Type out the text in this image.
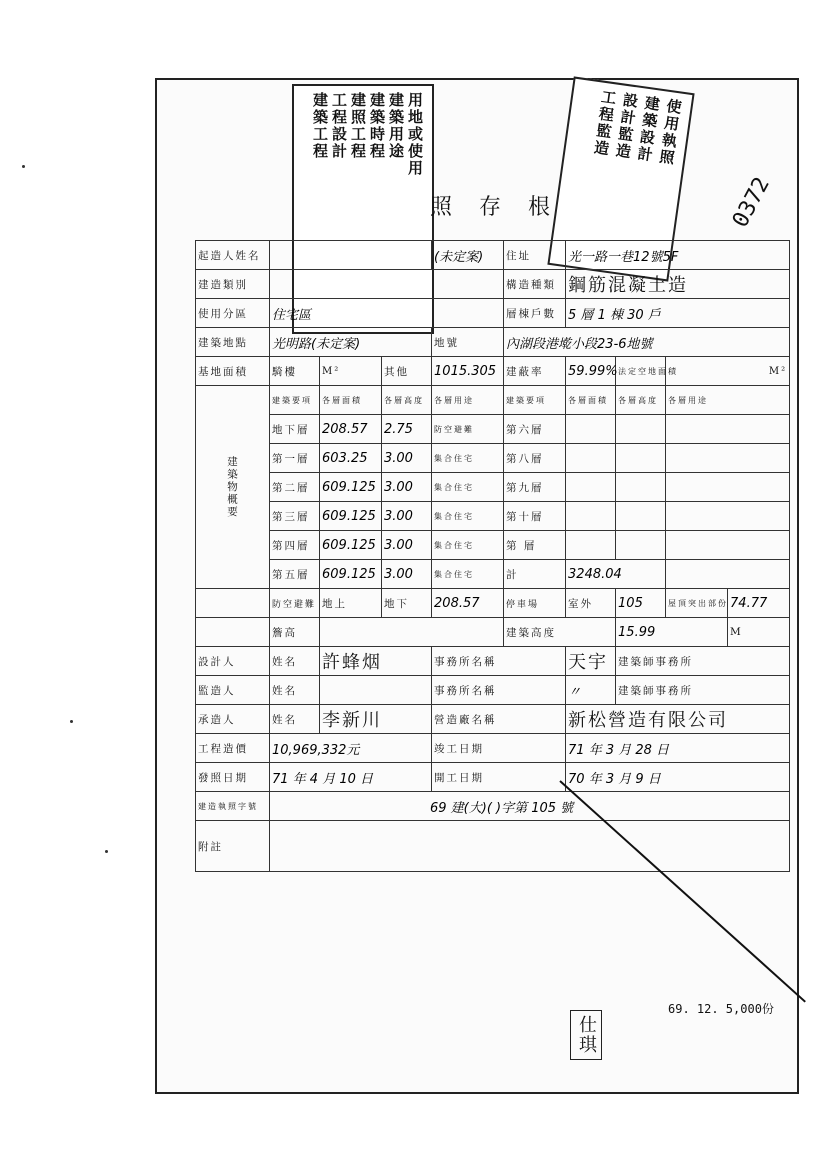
用地或使用
建築用途
建築時程
建照工程
工程設計
建築工程	使用執照
建築設計
設計監造
工程監造
照 存 根	0372
起造人姓名				(未定案)	住址	光一路一巷12號5F			
建造類別					構造種類	鋼筋混凝土造			
使用分區	住宅區				層棟戶數	5 層 1 棟 30 戶			
建築地點	光明路(未定案)			地號	內湖段港墘小段23-6地號				
基地面積	騎樓	M²	其他	1015.305	建蔽率	59.99%	法定空地面積	M²	
建築物概要	建築要項	各層面積	各層高度	各層用途	建築要項	各層面積	各層高度	各層用途	
	地下層	208.57	2.75	防空避難	第六層				
	第一層	603.25	3.00	集合住宅	第八層				
	第二層	609.125	3.00	集合住宅	第九層				
	第三層	609.125	3.00	集合住宅	第十層				
	第四層	609.125	3.00	集合住宅	第 層				
	第五層	609.125	3.00	集合住宅	計	3248.04			
	防空避難	地上	地下	208.57	停車場	室外	105	屋頂突出部份	74.77
	簷高				建築高度		15.99		M
設計人	姓名	許蜂烟		事務所名稱		天宇	建築師事務所		
監造人	姓名			事務所名稱		〃	建築師事務所		
承造人	姓名	李新川		營造廠名稱		新松營造有限公司			
工程造價	10,969,332元			竣工日期		71 年 3 月 28 日			
發照日期	71 年 4 月 10 日			開工日期		70 年 3 月 9 日			
建造執照字號	69 建(大)( )字第 105 號								
附註									
69. 12. 5,000份
仕琪
